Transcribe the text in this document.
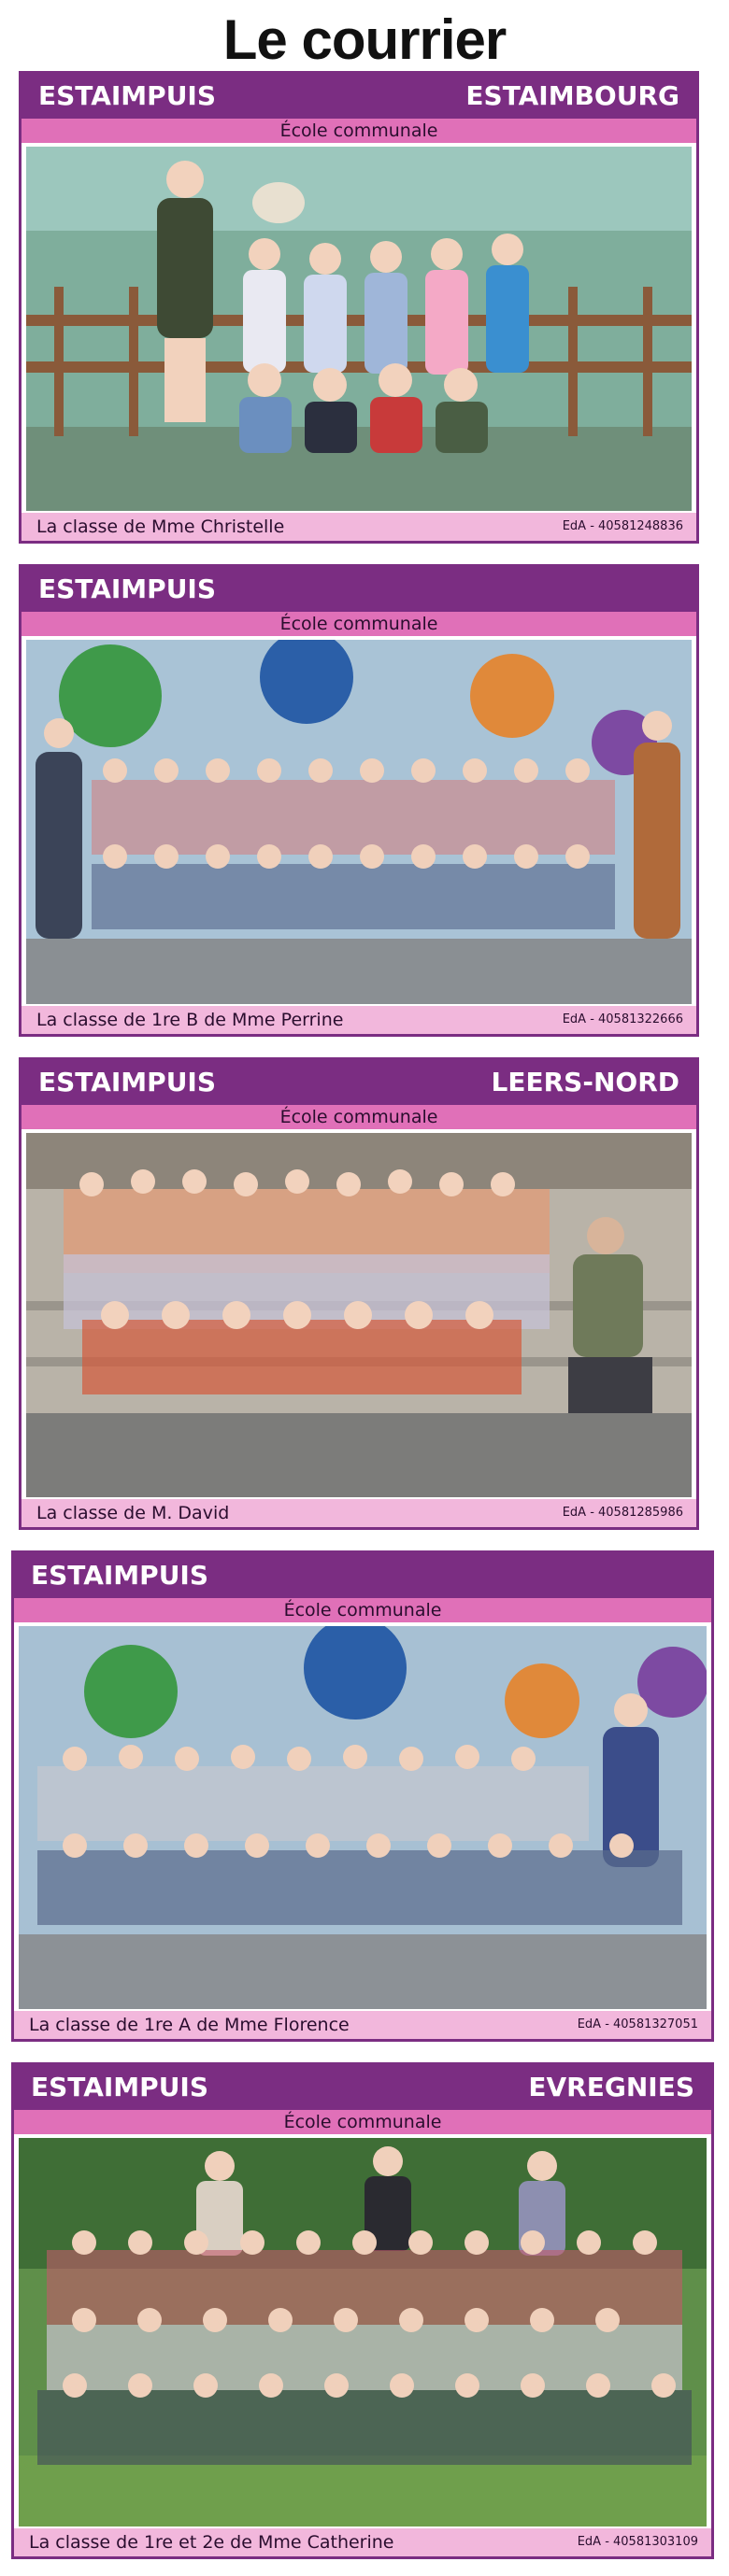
Le courrier
ESTAIMPUIS	ESTAIMBOURG
École communale
La classe de Mme Christelle	EdA - 40581248836
ESTAIMPUIS
École communale
La classe de 1re B de Mme Perrine	EdA - 40581322666
ESTAIMPUIS	LEERS-NORD
École communale
La classe de M. David	EdA - 40581285986
ESTAIMPUIS
École communale
La classe de 1re A de Mme Florence	EdA - 40581327051
ESTAIMPUIS	EVREGNIES
École communale
La classe de 1re et 2e de Mme Catherine	EdA - 40581303109
